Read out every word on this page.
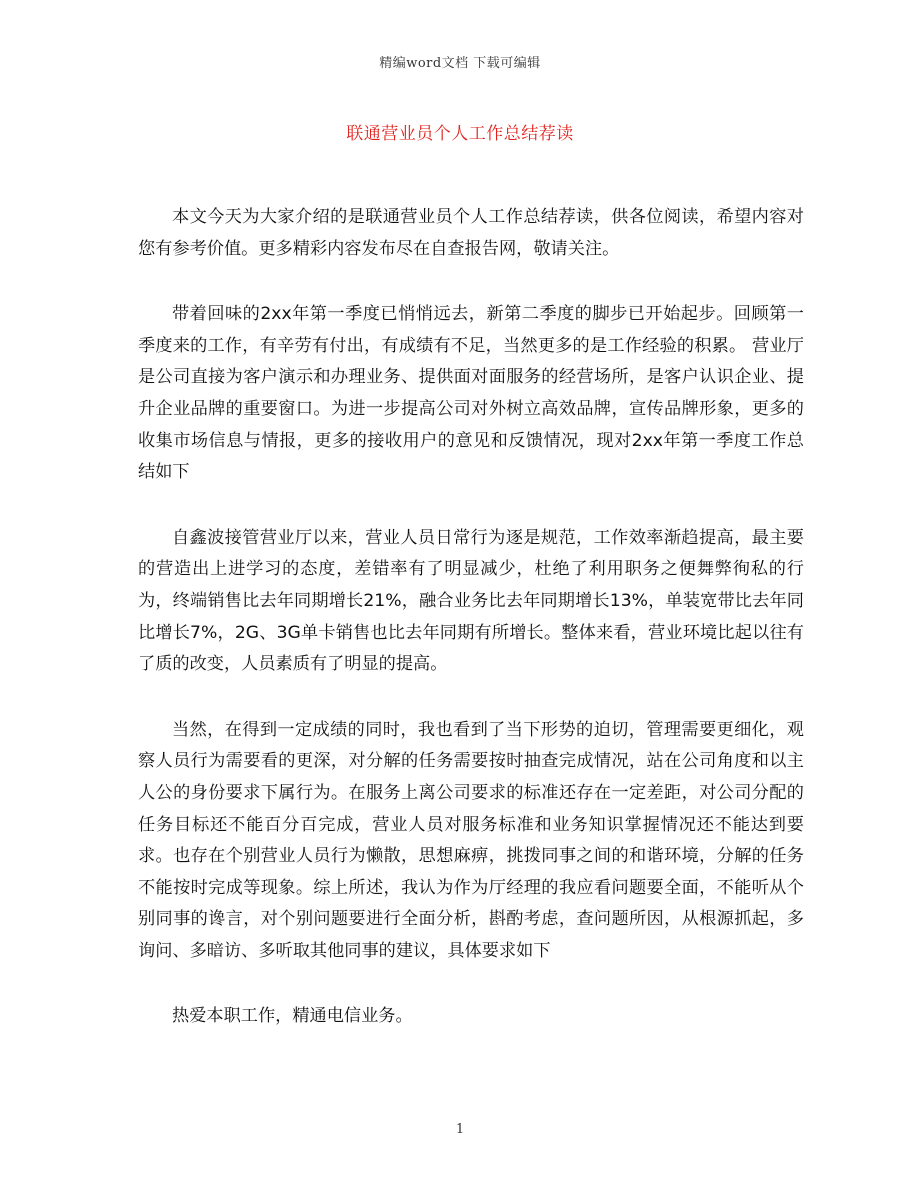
精编word文档 下载可编辑
联通营业员个人工作总结荐读

本文今天为大家介绍的是联通营业员个人工作总结荐读，供各位阅读，希望内容对您有参考价值。更多精彩内容发布尽在自查报告网，敬请关注。

带着回味的2xx年第一季度已悄悄远去，新第二季度的脚步已开始起步。回顾第一季度来的工作，有辛劳有付出，有成绩有不足，当然更多的是工作经验的积累。 营业厅是公司直接为客户演示和办理业务、提供面对面服务的经营场所，是客户认识企业、提升企业品牌的重要窗口。为进一步提高公司对外树立高效品牌，宣传品牌形象，更多的收集市场信息与情报，更多的接收用户的意见和反馈情况，现对2xx年第一季度工作总结如下

自鑫波接管营业厅以来，营业人员日常行为逐是规范，工作效率渐趋提高，最主要的营造出上进学习的态度，差错率有了明显减少，杜绝了利用职务之便舞弊徇私的行为，终端销售比去年同期增长21%，融合业务比去年同期增长13%，单装宽带比去年同比增长7%，2G、3G单卡销售也比去年同期有所增长。整体来看，营业环境比起以往有了质的改变，人员素质有了明显的提高。

当然，在得到一定成绩的同时，我也看到了当下形势的迫切，管理需要更细化，观察人员行为需要看的更深，对分解的任务需要按时抽查完成情况，站在公司角度和以主人公的身份要求下属行为。在服务上离公司要求的标准还存在一定差距，对公司分配的任务目标还不能百分百完成，营业人员对服务标准和业务知识掌握情况还不能达到要求。也存在个别营业人员行为懒散，思想麻痹，挑拨同事之间的和谐环境，分解的任务不能按时完成等现象。综上所述，我认为作为厅经理的我应看问题要全面，不能听从个别同事的谗言，对个别问题要进行全面分析，斟酌考虑，查问题所因，从根源抓起，多询问、多暗访、多听取其他同事的建议，具体要求如下

热爱本职工作，精通电信业务。

1
